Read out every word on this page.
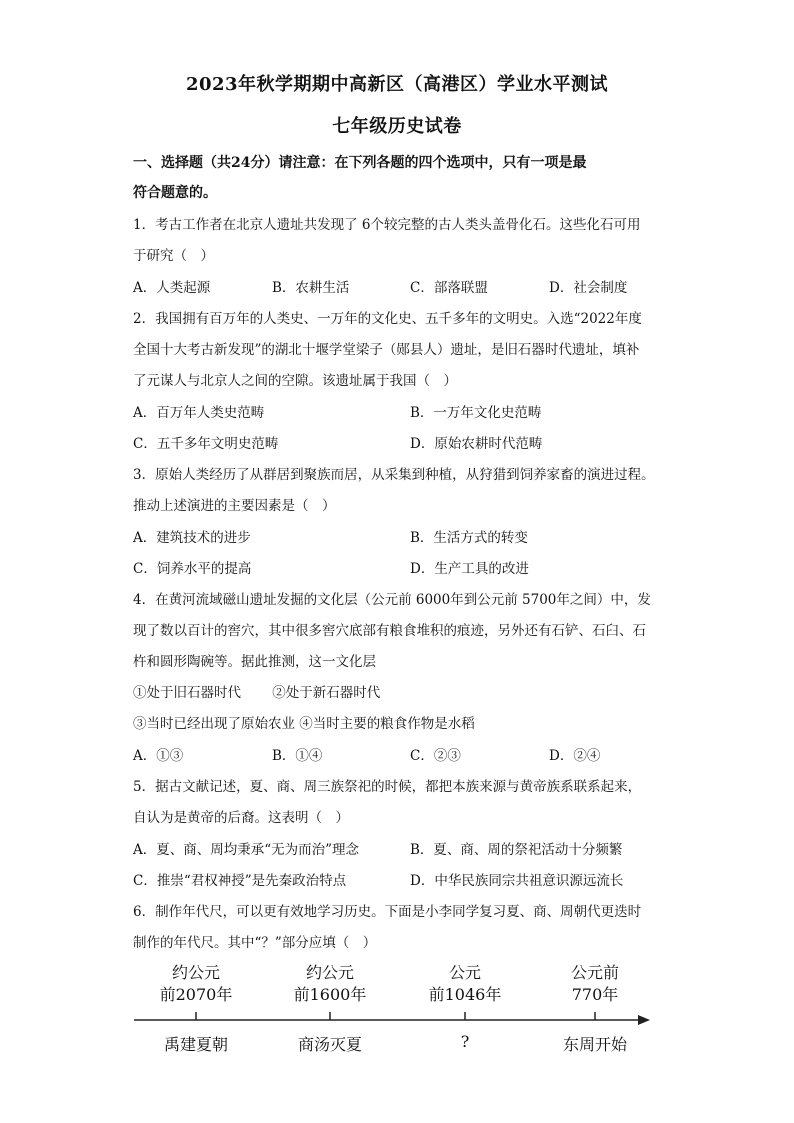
2023年秋学期期中高新区（高港区）学业水平测试
七年级历史试卷
一、选择题（共24分）请注意：在下列各题的四个选项中，只有一项是最
符合题意的。
1．考古工作者在北京人遗址共发现了 6个较完整的古人类头盖骨化石。这些化石可用
于研究（　）
A．人类起源	B．农耕生活	C．部落联盟	D．社会制度
2．我国拥有百万年的人类史、一万年的文化史、五千多年的文明史。入选“2022年度
全国十大考古新发现”的湖北十堰学堂梁子（郧县人）遗址，是旧石器时代遗址，填补
了元谋人与北京人之间的空隙。该遗址属于我国（　）
A．百万年人类史范畴	B．一万年文化史范畴
C．五千多年文明史范畴	D．原始农耕时代范畴
3．原始人类经历了从群居到聚族而居，从采集到种植，从狩猎到饲养家畜的演进过程。
推动上述演进的主要因素是（　）
A．建筑技术的进步	B．生活方式的转变
C．饲养水平的提高	D．生产工具的改进
4．在黄河流域磁山遗址发掘的文化层（公元前 6000年到公元前 5700年之间）中，发
现了数以百计的窖穴，其中很多窖穴底部有粮食堆积的痕迹，另外还有石铲、石臼、石
杵和圆形陶碗等。据此推测，这一文化层
①处于旧石器时代　　 ②处于新石器时代
③当时已经出现了原始农业 ④当时主要的粮食作物是水稻
A．①③	B．①④	C．②③	D．②④
5．据古文献记述，夏、商、周三族祭祀的时候，都把本族来源与黄帝族系联系起来，
自认为是黄帝的后裔。这表明（　）
A．夏、商、周均秉承“无为而治”理念	B．夏、商、周的祭祀活动十分频繁
C．推崇“君权神授”是先秦政治特点	D．中华民族同宗共祖意识源远流长
6．制作年代尺，可以更有效地学习历史。下面是小李同学复习夏、商、周朝代更迭时
制作的年代尺。其中“？”部分应填（　）
约公元
前2070年
约公元
前1600年
公元
前1046年
公元前
770年
禹建夏朝	商汤灭夏	?	东周开始
